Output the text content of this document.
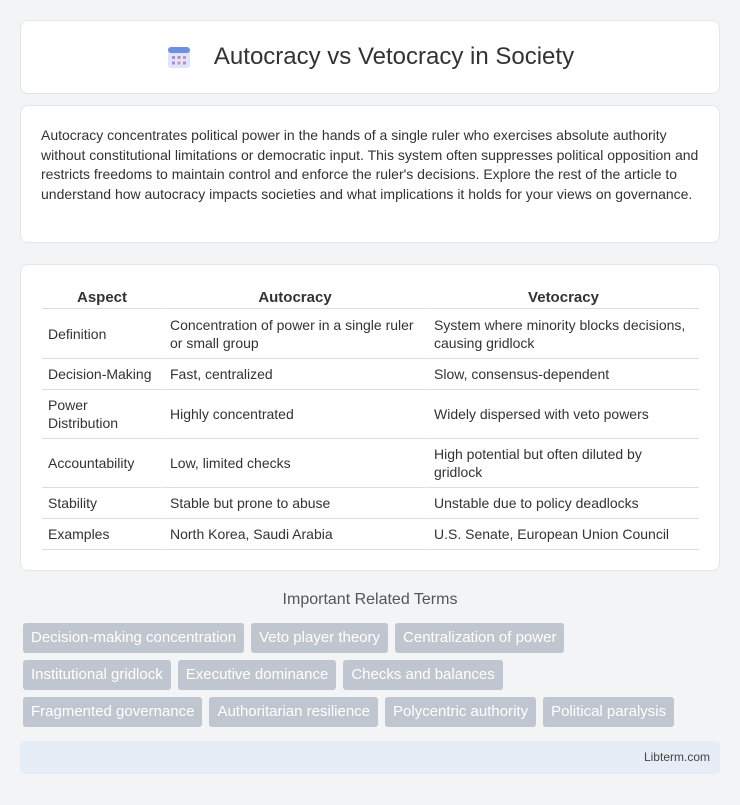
Autocracy vs Vetocracy in Society

Autocracy concentrates political power in the hands of a single ruler who exercises absolute authority without constitutional limitations or democratic input. This system often suppresses political opposition and restricts freedoms to maintain control and enforce the ruler's decisions. Explore the rest of the article to understand how autocracy impacts societies and what implications it holds for your views on governance.

Aspect	Autocracy	Vetocracy
Definition	Concentration of power in a single ruler or small group	System where minority blocks decisions, causing gridlock
Decision-Making	Fast, centralized	Slow, consensus-dependent
Power Distribution	Highly concentrated	Widely dispersed with veto powers
Accountability	Low, limited checks	High potential but often diluted by gridlock
Stability	Stable but prone to abuse	Unstable due to policy deadlocks
Examples	North Korea, Saudi Arabia	U.S. Senate, European Union Council
Important Related Terms
Decision-making concentration	Veto player theory	Centralization of power
Institutional gridlock	Executive dominance	Checks and balances
Fragmented governance	Authoritarian resilience	Polycentric authority	Political paralysis
Libterm.com
